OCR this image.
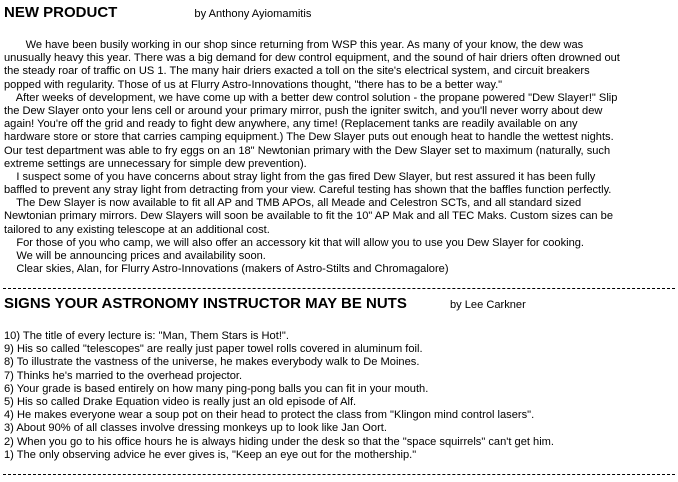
NEW PRODUCT	by Anthony Ayiomamitis
We have been busily working in our shop since returning from WSP this year. As many of your know, the dew was
unusually heavy this year. There was a big demand for dew control equipment, and the sound of hair driers often drowned out
the steady roar of traffic on US 1. The many hair driers exacted a toll on the site's electrical system, and circuit breakers
popped with regularity. Those of us at Flurry Astro-Innovations thought, "there has to be a better way."
After weeks of development, we have come up with a better dew control solution - the propane powered "Dew Slayer!" Slip
the Dew Slayer onto your lens cell or around your primary mirror, push the igniter switch, and you'll never worry about dew
again! You're off the grid and ready to fight dew anywhere, any time! (Replacement tanks are readily available on any
hardware store or store that carries camping equipment.) The Dew Slayer puts out enough heat to handle the wettest nights.
Our test department was able to fry eggs on an 18" Newtonian primary with the Dew Slayer set to maximum (naturally, such
extreme settings are unnecessary for simple dew prevention).
I suspect some of you have concerns about stray light from the gas fired Dew Slayer, but rest assured it has been fully
baffled to prevent any stray light from detracting from your view. Careful testing has shown that the baffles function perfectly.
The Dew Slayer is now available to fit all AP and TMB APOs, all Meade and Celestron SCTs, and all standard sized
Newtonian primary mirrors. Dew Slayers will soon be available to fit the 10" AP Mak and all TEC Maks. Custom sizes can be
tailored to any existing telescope at an additional cost.
For those of you who camp, we will also offer an accessory kit that will allow you to use you Dew Slayer for cooking.
We will be announcing prices and availability soon.
Clear skies, Alan, for Flurry Astro-Innovations (makers of Astro-Stilts and Chromagalore)
SIGNS YOUR ASTRONOMY INSTRUCTOR MAY BE NUTS	by Lee Carkner
10) The title of every lecture is: "Man, Them Stars is Hot!".
9) His so called "telescopes" are really just paper towel rolls covered in aluminum foil.
8) To illustrate the vastness of the universe, he makes everybody walk to De Moines.
7) Thinks he's married to the overhead projector.
6) Your grade is based entirely on how many ping-pong balls you can fit in your mouth.
5) His so called Drake Equation video is really just an old episode of Alf.
4) He makes everyone wear a soup pot on their head to protect the class from "Klingon mind control lasers".
3) About 90% of all classes involve dressing monkeys up to look like Jan Oort.
2) When you go to his office hours he is always hiding under the desk so that the "space squirrels" can't get him.
1) The only observing advice he ever gives is, "Keep an eye out for the mothership."
